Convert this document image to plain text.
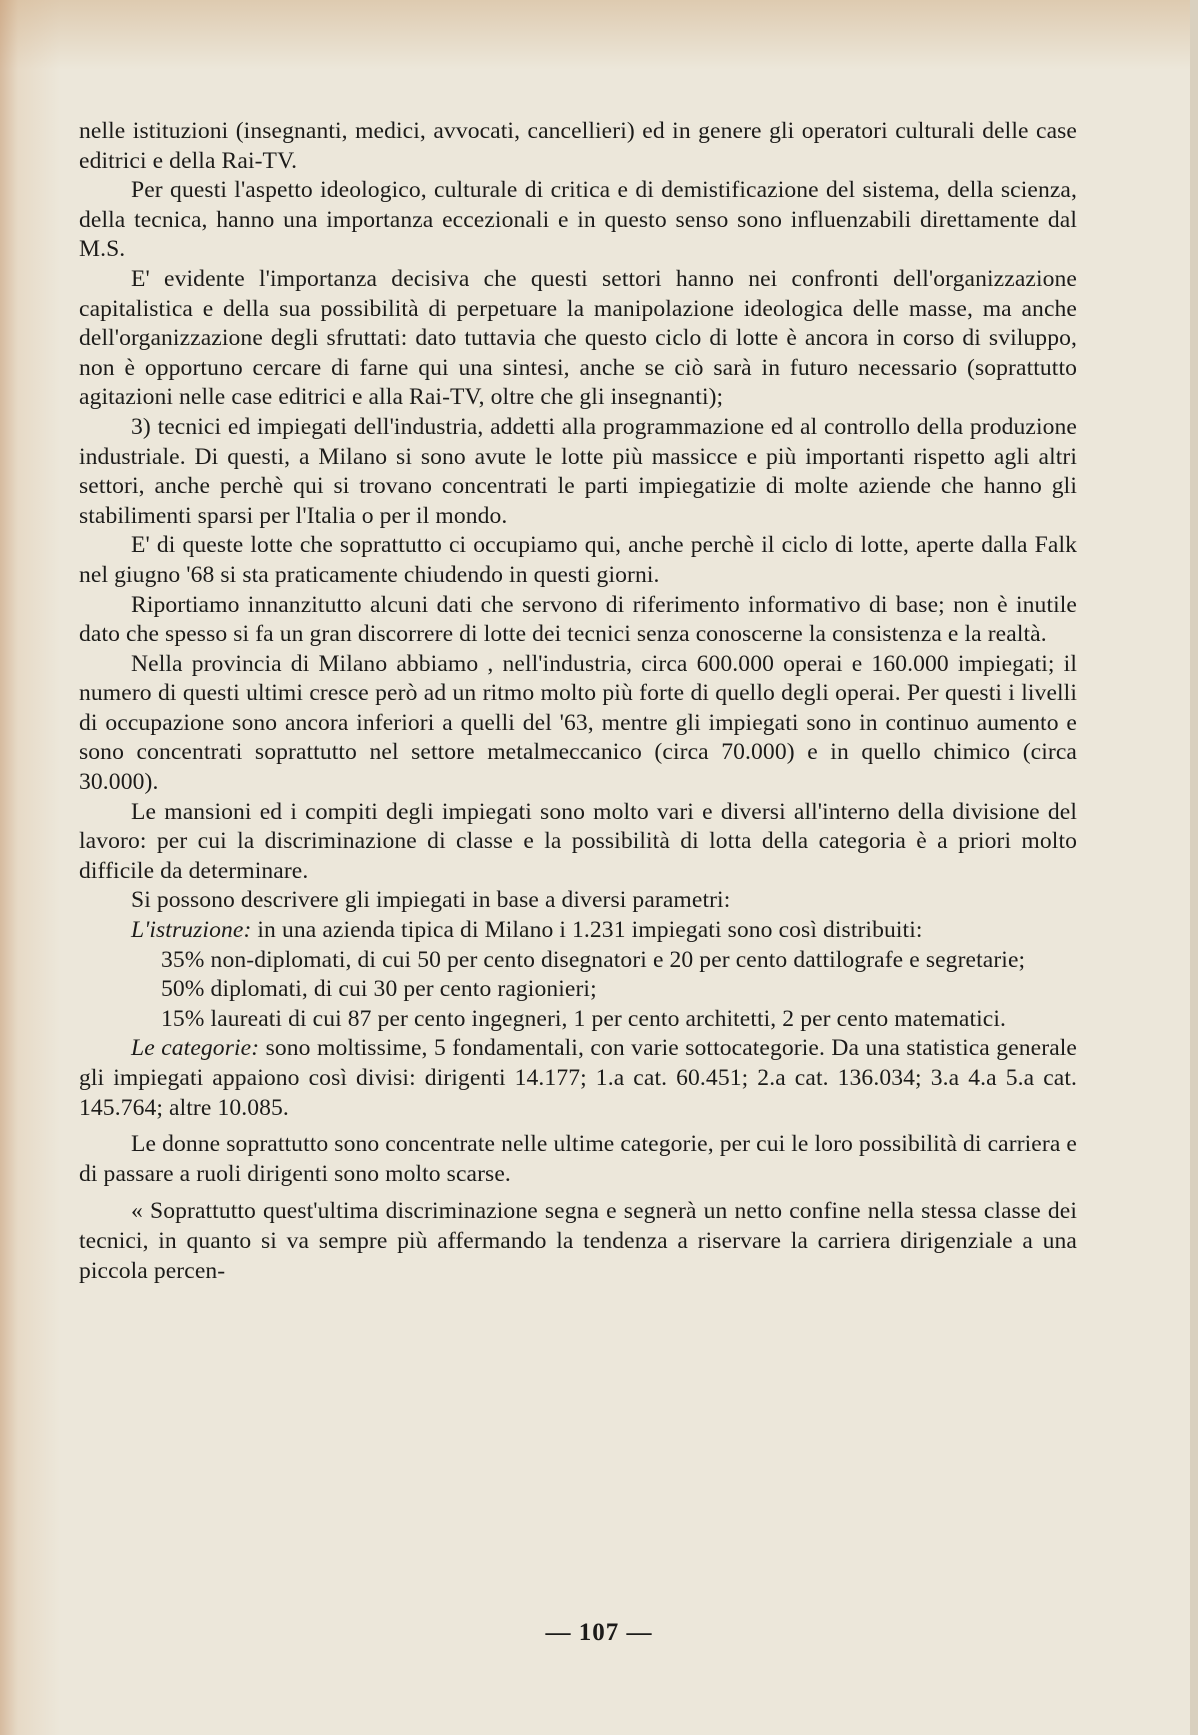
nelle istituzioni (insegnanti, medici, avvocati, cancellieri) ed in genere gli operatori culturali delle case editrici e della Rai-TV.

Per questi l'aspetto ideologico, culturale di critica e di demistificazione del sistema, della scienza, della tecnica, hanno una importanza eccezionali e in questo senso sono influenzabili direttamente dal M.S.

E' evidente l'importanza decisiva che questi settori hanno nei confronti dell'organizzazione capitalistica e della sua possibilità di perpetuare la manipolazione ideologica delle masse, ma anche dell'organizzazione degli sfruttati: dato tuttavia che questo ciclo di lotte è ancora in corso di sviluppo, non è opportuno cercare di farne qui una sintesi, anche se ciò sarà in futuro necessario (soprattutto agitazioni nelle case editrici e alla Rai-TV, oltre che gli insegnanti);

3) tecnici ed impiegati dell'industria, addetti alla programmazione ed al controllo della produzione industriale. Di questi, a Milano si sono avute le lotte più massicce e più importanti rispetto agli altri settori, anche perchè qui si trovano concentrati le parti impiegatizie di molte aziende che hanno gli stabilimenti sparsi per l'Italia o per il mondo.

E' di queste lotte che soprattutto ci occupiamo qui, anche perchè il ciclo di lotte, aperte dalla Falk nel giugno '68 si sta praticamente chiudendo in questi giorni.

Riportiamo innanzitutto alcuni dati che servono di riferimento informativo di base; non è inutile dato che spesso si fa un gran discorrere di lotte dei tecnici senza conoscerne la consistenza e la realtà.

Nella provincia di Milano abbiamo , nell'industria, circa 600.000 operai e 160.000 impiegati; il numero di questi ultimi cresce però ad un ritmo molto più forte di quello degli operai. Per questi i livelli di occupazione sono ancora inferiori a quelli del '63, mentre gli impiegati sono in continuo aumento e sono concentrati soprattutto nel settore metalmeccanico (circa 70.000) e in quello chimico (circa 30.000).

Le mansioni ed i compiti degli impiegati sono molto vari e diversi all'interno della divisione del lavoro: per cui la discriminazione di classe e la possibilità di lotta della categoria è a priori molto difficile da determinare.

Si possono descrivere gli impiegati in base a diversi parametri:

L'istruzione: in una azienda tipica di Milano i 1.231 impiegati sono così distribuiti:

35% non-diplomati, di cui 50 per cento disegnatori e 20 per cento dattilografe e segretarie;

50% diplomati, di cui 30 per cento ragionieri;

15% laureati di cui 87 per cento ingegneri, 1 per cento architetti, 2 per cento matematici.

Le categorie: sono moltissime, 5 fondamentali, con varie sottocategorie. Da una statistica generale gli impiegati appaiono così divisi: dirigenti 14.177; 1.a cat. 60.451; 2.a cat. 136.034; 3.a 4.a 5.a cat. 145.764; altre 10.085.

Le donne soprattutto sono concentrate nelle ultime categorie, per cui le loro possibilità di carriera e di passare a ruoli dirigenti sono molto scarse.

« Soprattutto quest'ultima discriminazione segna e segnerà un netto confine nella stessa classe dei tecnici, in quanto si va sempre più affermando la tendenza a riservare la carriera dirigenziale a una piccola percen-

— 107 —
